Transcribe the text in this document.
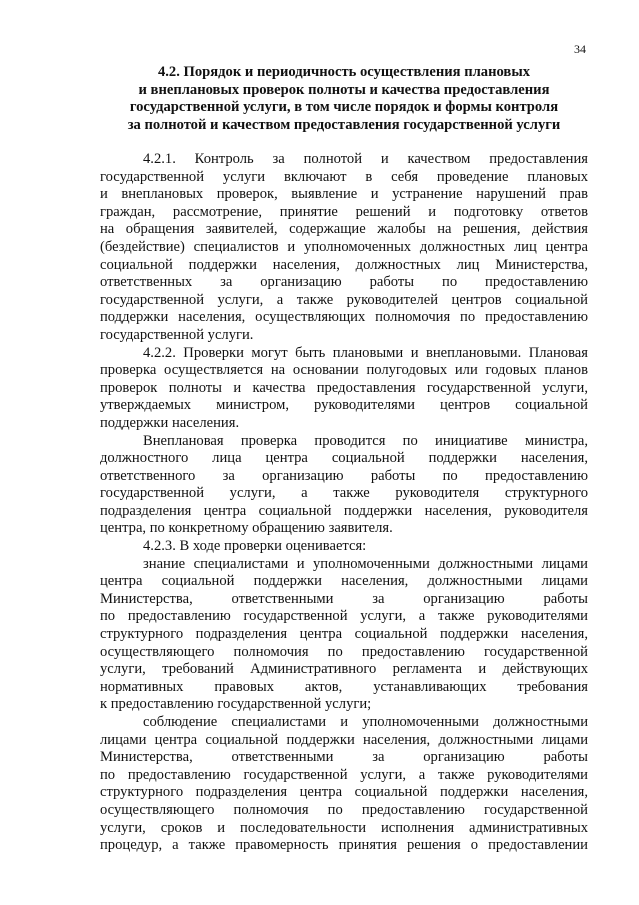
34
4.2. Порядок и периодичность осуществления плановых
и внеплановых проверок полноты и качества предоставления
государственной услуги, в том числе порядок и формы контроля
за полнотой и качеством предоставления государственной услуги
4.2.1. Контроль за полнотой и качеством предоставления
государственной услуги включают в себя проведение плановых
и внеплановых проверок, выявление и устранение нарушений прав
граждан, рассмотрение, принятие решений и подготовку ответов
на обращения заявителей, содержащие жалобы на решения, действия
(бездействие) специалистов и уполномоченных должностных лиц центра
социальной поддержки населения, должностных лиц Министерства,
ответственных за организацию работы по предоставлению
государственной услуги, а также руководителей центров социальной
поддержки населения, осуществляющих полномочия по предоставлению
государственной услуги.
4.2.2. Проверки могут быть плановыми и внеплановыми. Плановая
проверка осуществляется на основании полугодовых или годовых планов
проверок полноты и качества предоставления государственной услуги,
утверждаемых министром, руководителями центров социальной
поддержки населения.
Внеплановая проверка проводится по инициативе министра,
должностного лица центра социальной поддержки населения,
ответственного за организацию работы по предоставлению
государственной услуги, а также руководителя структурного
подразделения центра социальной поддержки населения, руководителя
центра, по конкретному обращению заявителя.
4.2.3. В ходе проверки оценивается:
знание специалистами и уполномоченными должностными лицами
центра социальной поддержки населения, должностными лицами
Министерства, ответственными за организацию работы
по предоставлению государственной услуги, а также руководителями
структурного подразделения центра социальной поддержки населения,
осуществляющего полномочия по предоставлению государственной
услуги, требований Административного регламента и действующих
нормативных правовых актов, устанавливающих требования
к предоставлению государственной услуги;
соблюдение специалистами и уполномоченными должностными
лицами центра социальной поддержки населения, должностными лицами
Министерства, ответственными за организацию работы
по предоставлению государственной услуги, а также руководителями
структурного подразделения центра социальной поддержки населения,
осуществляющего полномочия по предоставлению государственной
услуги, сроков и последовательности исполнения административных
процедур, а также правомерность принятия решения о предоставлении
